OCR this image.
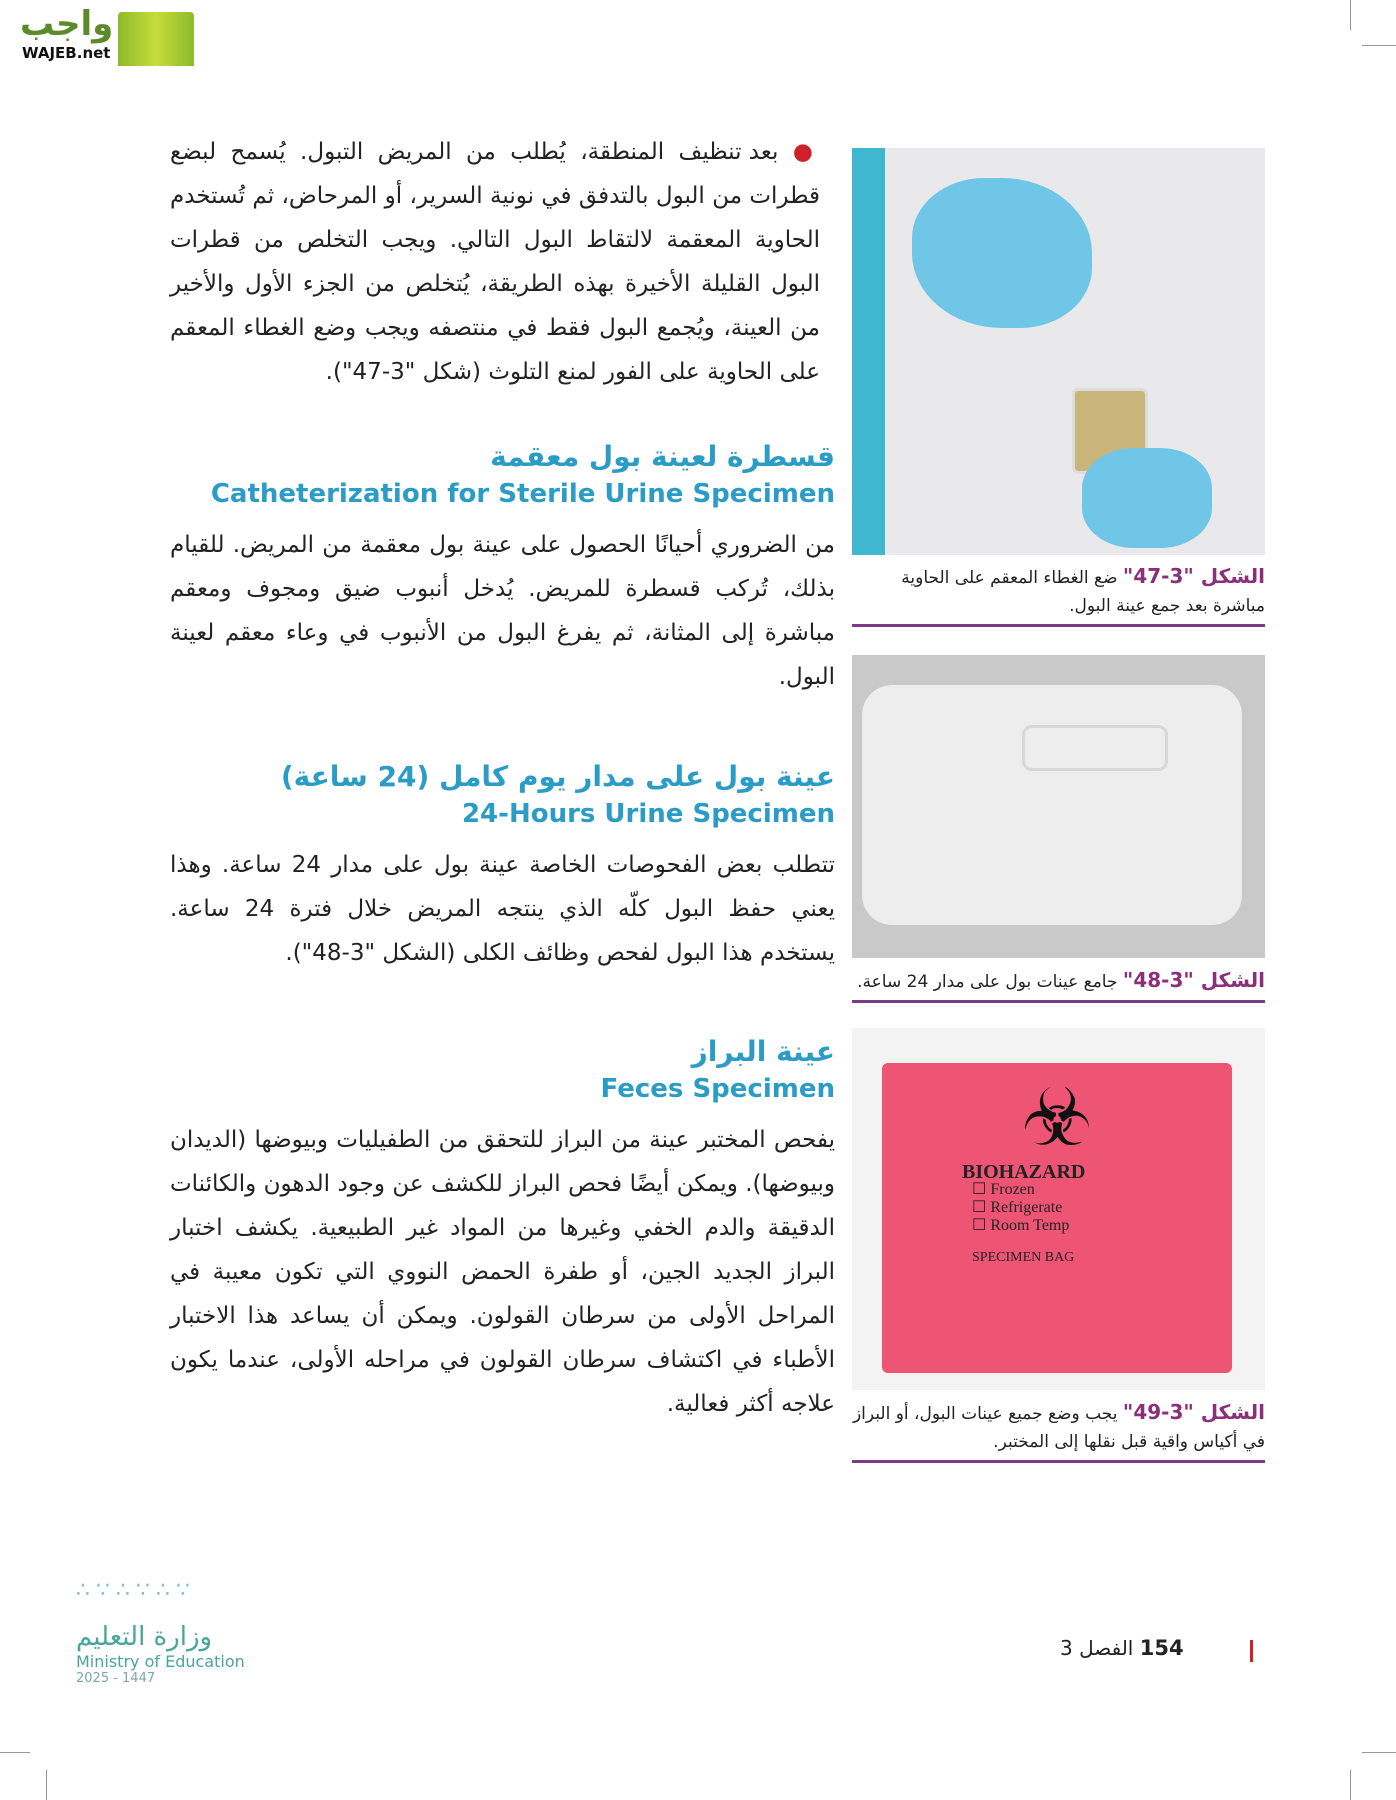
واجب
WAJEB.net
● بعد تنظيف المنطقة، يُطلب من المريض التبول. يُسمح لبضع قطرات من البول بالتدفق في نونية السرير، أو المرحاض، ثم تُستخدم الحاوية المعقمة لالتقاط البول التالي. ويجب التخلص من قطرات البول القليلة الأخيرة بهذه الطريقة، يُتخلص من الجزء الأول والأخير من العينة، ويُجمع البول فقط في منتصفه ويجب وضع الغطاء المعقم على الحاوية على الفور لمنع التلوث (شكل "3-47").
قسطرة لعينة بول معقمة
Catheterization for Sterile Urine Specimen
من الضروري أحيانًا الحصول على عينة بول معقمة من المريض. للقيام بذلك، تُركب قسطرة للمريض. يُدخل أنبوب ضيق ومجوف ومعقم مباشرة إلى المثانة، ثم يفرغ البول من الأنبوب في وعاء معقم لعينة البول.
عينة بول على مدار يوم كامل (24 ساعة)
24-Hours Urine Specimen
تتطلب بعض الفحوصات الخاصة عينة بول على مدار 24 ساعة. وهذا يعني حفظ البول كلّه الذي ينتجه المريض خلال فترة 24 ساعة. يستخدم هذا البول لفحص وظائف الكلى (الشكل "3-48").
عينة البراز
Feces Specimen
يفحص المختبر عينة من البراز للتحقق من الطفيليات وبيوضها (الديدان وبيوضها). ويمكن أيضًا فحص البراز للكشف عن وجود الدهون والكائنات الدقيقة والدم الخفي وغيرها من المواد غير الطبيعية. يكشف اختبار البراز الجديد الجين، أو طفرة الحمض النووي التي تكون معيبة في المراحل الأولى من سرطان القولون. ويمكن أن يساعد هذا الاختبار الأطباء في اكتشاف سرطان القولون في مراحله الأولى، عندما يكون علاجه أكثر فعالية.
الشكل "3-47" ضع الغطاء المعقم على الحاوية مباشرة بعد جمع عينة البول.
الشكل "3-48" جامع عينات بول على مدار 24 ساعة.
☣
BIOHAZARD
☐ Frozen
☐ Refrigerate
☐ Room Temp
SPECIMEN BAG
الشكل "3-49" يجب وضع جميع عينات البول، أو البراز في أكياس واقية قبل نقلها إلى المختبر.
154 الفصل 3
∴∵∴∵∴∵
وزارة التعليم
Ministry of Education
2025 - 1447
